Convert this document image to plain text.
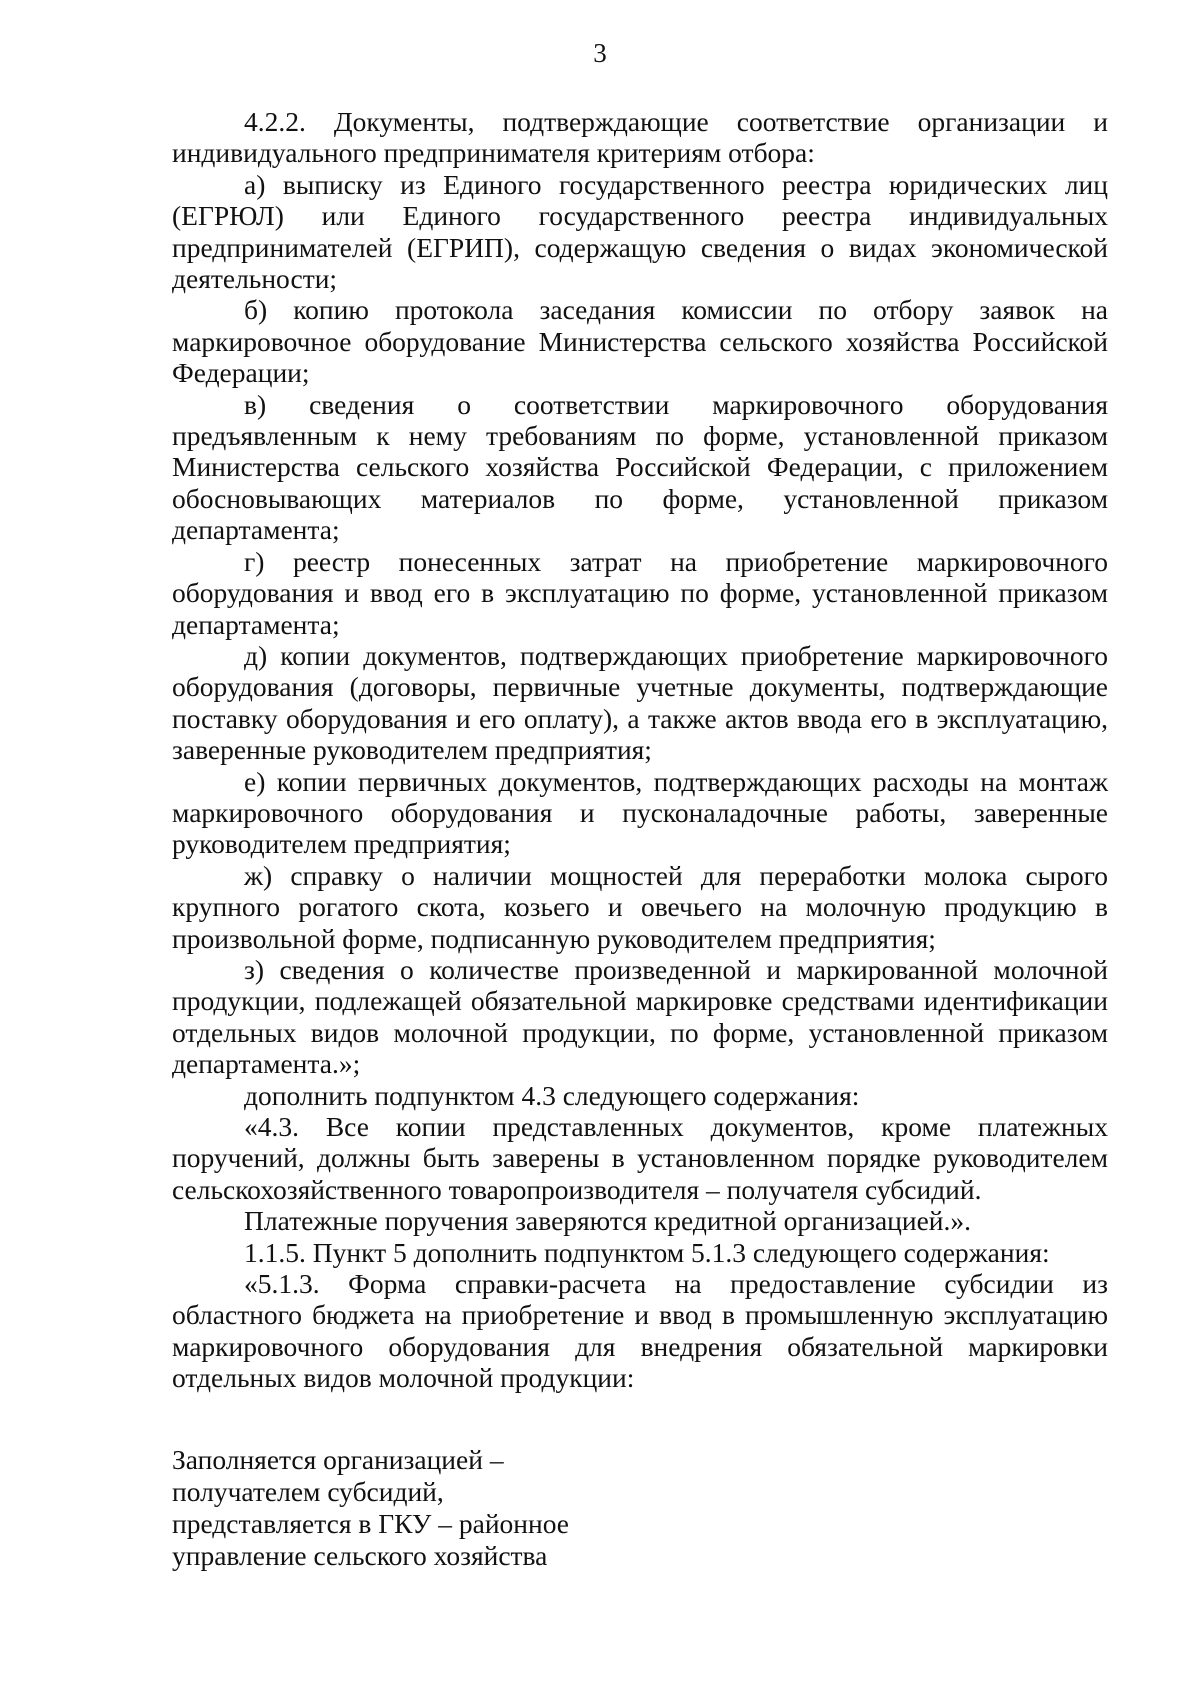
3

4.2.2. Документы, подтверждающие соответствие организации и индивидуального предпринимателя критериям отбора:

а) выписку из Единого государственного реестра юридических лиц (ЕГРЮЛ) или Единого государственного реестра индивидуальных предпринимателей (ЕГРИП), содержащую сведения о видах экономической деятельности;

б) копию протокола заседания комиссии по отбору заявок на маркировочное оборудование Министерства сельского хозяйства Российской Федерации;

в) сведения о соответствии маркировочного оборудования предъявленным к нему требованиям по форме, установленной приказом Министерства сельского хозяйства Российской Федерации, с приложением обосновывающих материалов по форме, установленной приказом департамента;

г) реестр понесенных затрат на приобретение маркировочного оборудования и ввод его в эксплуатацию по форме, установленной приказом департамента;

д) копии документов, подтверждающих приобретение маркировочного оборудования (договоры, первичные учетные документы, подтверждающие поставку оборудования и его оплату), а также актов ввода его в эксплуатацию, заверенные руководителем предприятия;

е) копии первичных документов, подтверждающих расходы на монтаж маркировочного оборудования и пусконаладочные работы, заверенные руководителем предприятия;

ж) справку о наличии мощностей для переработки молока сырого крупного рогатого скота, козьего и овечьего на молочную продукцию в произвольной форме, подписанную руководителем предприятия;

з) сведения о количестве произведенной и маркированной молочной продукции, подлежащей обязательной маркировке средствами идентификации отдельных видов молочной продукции, по форме, установленной приказом департамента.»;

дополнить подпунктом 4.3 следующего содержания:

«4.3. Все копии представленных документов, кроме платежных поручений, должны быть заверены в установленном порядке руководителем сельскохозяйственного товаропроизводителя – получателя субсидий.

Платежные поручения заверяются кредитной организацией.».

1.1.5. Пункт 5 дополнить подпунктом 5.1.3 следующего содержания:

«5.1.3. Форма справки-расчета на предоставление субсидии из областного бюджета на приобретение и ввод в промышленную эксплуатацию маркировочного оборудования для внедрения обязательной маркировки отдельных видов молочной продукции:

Заполняется организацией –
получателем субсидий,
представляется в ГКУ – районное
управление сельского хозяйства
